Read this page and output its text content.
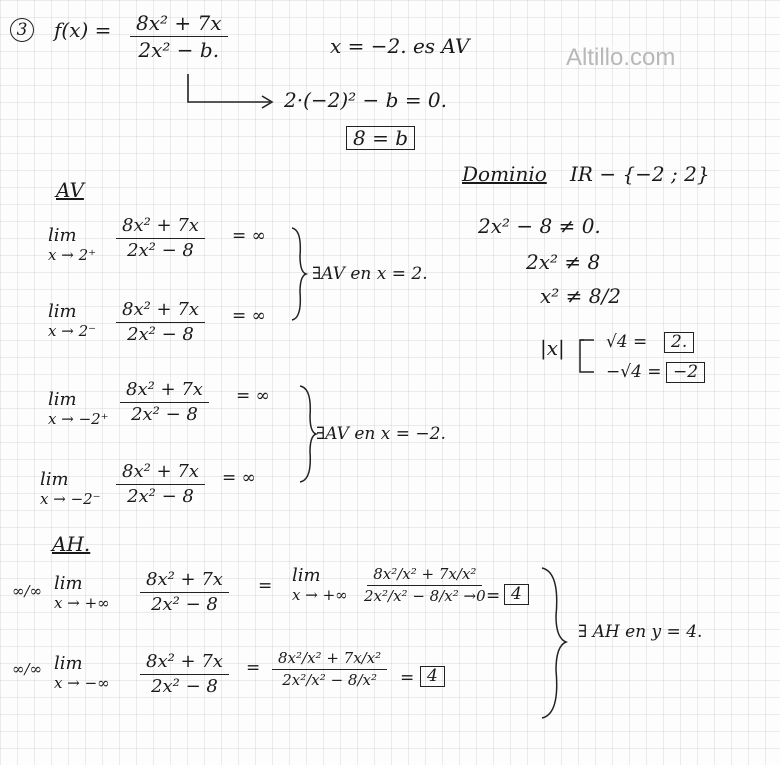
Altillo.com
3	$f(x) = \frac{\text{8x² + 7x}}{\text{2x² − b.}}$	x = −2. es AV
2·(−2)² − b = 0.
8 = b
Dominio IR − {−2 ; 2}
2x² − 8 ≠ 0.
2x² ≠ 8
x² ≠ 8/2
|x| √4 =	2.
−√4 = −2
AV
lim
$x \to 2^+ \frac{\text{8x² + 7x}}{\text{2x² − 8}}$ = ∞
lim
$x \to 2^- \frac{\text{8x² + 7x}}{\text{2x² − 8}}$ = ∞
∃AV en x = 2.
lim
$x \to -2^+ \frac{\text{8x² + 7x}}{\text{2x² − 8}}$ = ∞
lim
$x \to -2^- \frac{\text{8x² + 7x}}{\text{2x² − 8}}$ = ∞
∃AV en x = −2.
AH.
∞/∞ lim
x → +∞ $\frac{\text{8x² + 7x}}{\text{2x² − 8}} = \lim$
x → +∞ $\frac{\text{8x²/x² + 7x/x²}}{\text{2x²/x² − 8/x² →0}} = 4$
∞/∞ lim
x → −∞ $\frac{\text{8x² + 7x}}{\text{2x² − 8}} = \frac{\text{8x²/x² + 7x/x²}}{\text{2x²/x² − 8/x²}} = 4$
∃ AH en y = 4.
